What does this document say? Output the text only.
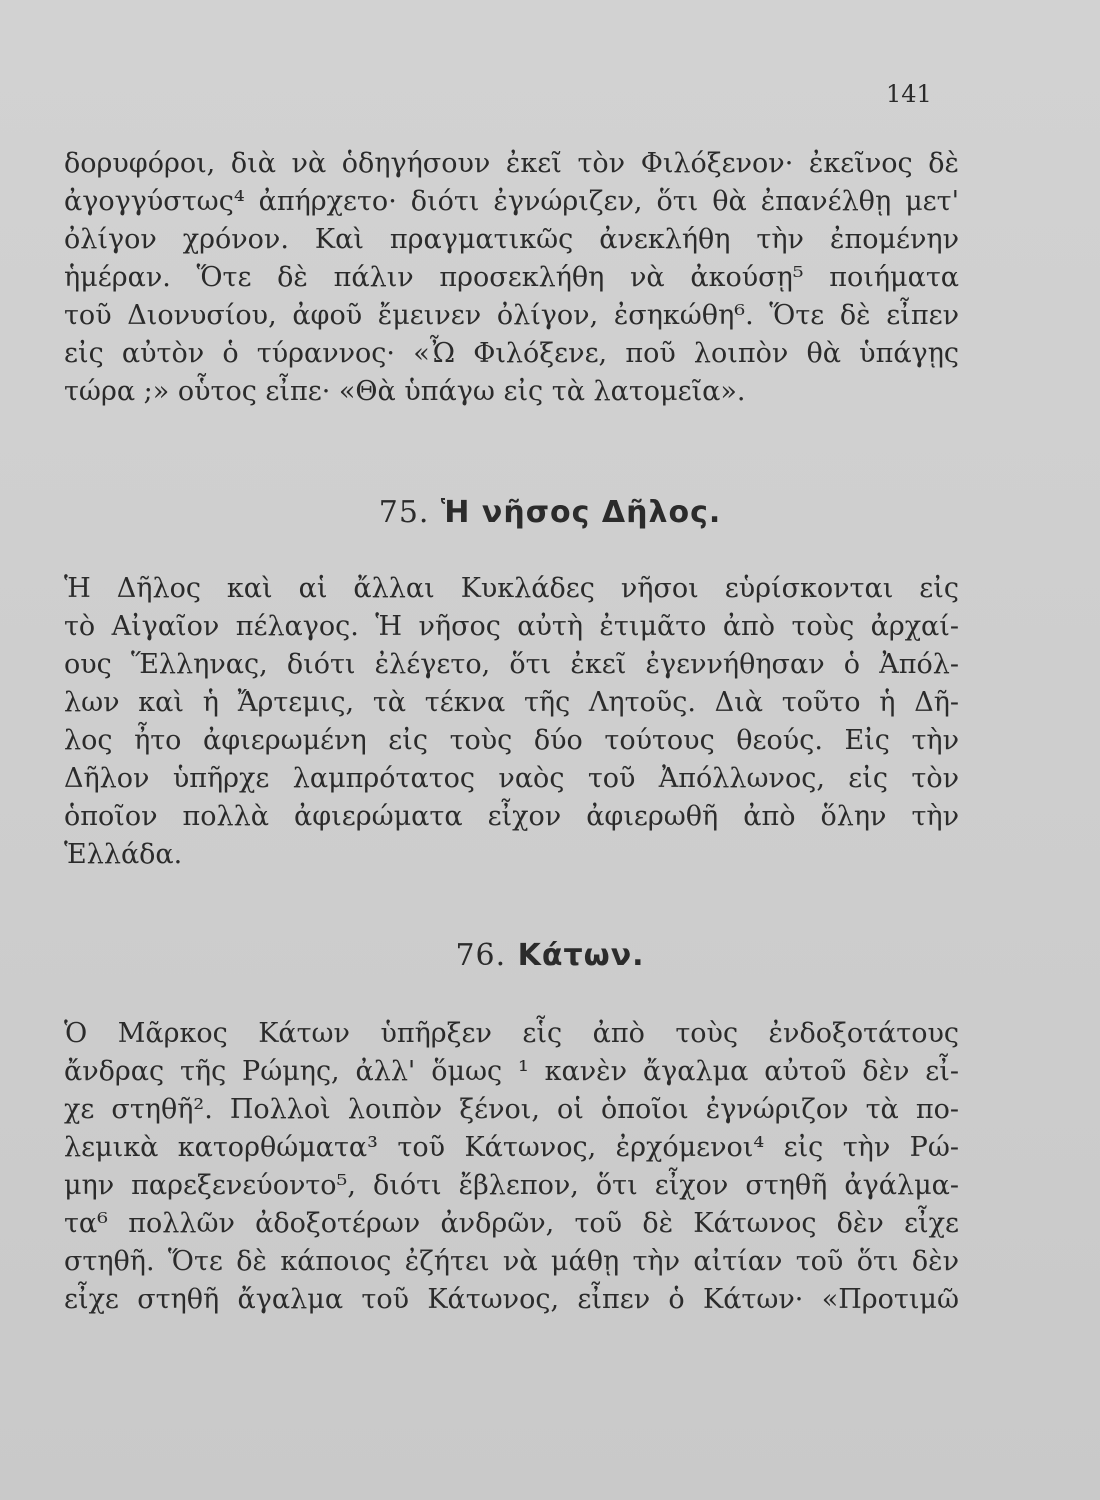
141
δορυφόροι, διὰ νὰ ὁδηγήσουν ἐκεῖ τὸν Φιλόξενον· ἐκεῖνος δὲ
ἀγογγύστως⁴ ἀπήρχετο· διότι ἐγνώριζεν, ὅτι θὰ ἐπανέλθῃ μετ'
ὀλίγον χρόνον. Καὶ πραγματικῶς ἀνεκλήθη τὴν ἐπομένην
ἡμέραν. Ὅτε δὲ πάλιν προσεκλήθη νὰ ἀκούσῃ⁵ ποιήματα
τοῦ Διονυσίου, ἀφοῦ ἔμεινεν ὀλίγον, ἐσηκώθη⁶. Ὅτε δὲ εἶπεν
εἰς αὐτὸν ὁ τύραννος· «Ὦ Φιλόξενε, ποῦ λοιπὸν θὰ ὑπάγῃς
τώρα ;» οὗτος εἶπε· «Θὰ ὑπάγω εἰς τὰ λατομεῖα».
75. Ἡ νῆσος Δῆλος.
Ἡ Δῆλος καὶ αἱ ἄλλαι Κυκλάδες νῆσοι εὑρίσκονται εἰς
τὸ Αἰγαῖον πέλαγος. Ἡ νῆσος αὐτὴ ἐτιμᾶτο ἀπὸ τοὺς ἀρχαί-
ους Ἕλληνας, διότι ἐλέγετο, ὅτι ἐκεῖ ἐγεννήθησαν ὁ Ἀπόλ-
λων καὶ ἡ Ἄρτεμις, τὰ τέκνα τῆς Λητοῦς. Διὰ τοῦτο ἡ Δῆ-
λος ἦτο ἀφιερωμένη εἰς τοὺς δύο τούτους θεούς. Εἰς τὴν
Δῆλον ὑπῆρχε λαμπρότατος ναὸς τοῦ Ἀπόλλωνος, εἰς τὸν
ὁποῖον πολλὰ ἀφιερώματα εἶχον ἀφιερωθῆ ἀπὸ ὅλην τὴν
Ἑλλάδα.
76. Κάτων.
Ὁ Μᾶρκος Κάτων ὑπῆρξεν εἷς ἀπὸ τοὺς ἐνδοξοτάτους
ἄνδρας τῆς Ρώμης, ἀλλ' ὅμως ¹ κανὲν ἄγαλμα αὐτοῦ δὲν εἶ-
χε στηθῆ². Πολλοὶ λοιπὸν ξένοι, οἱ ὁποῖοι ἐγνώριζον τὰ πο-
λεμικὰ κατορθώματα³ τοῦ Κάτωνος, ἐρχόμενοι⁴ εἰς τὴν Ρώ-
μην παρεξενεύοντο⁵, διότι ἔβλεπον, ὅτι εἶχον στηθῆ ἀγάλμα-
τα⁶ πολλῶν ἀδοξοτέρων ἀνδρῶν, τοῦ δὲ Κάτωνος δὲν εἶχε
στηθῆ. Ὅτε δὲ κάποιος ἐζήτει νὰ μάθῃ τὴν αἰτίαν τοῦ ὅτι δὲν
εἶχε στηθῆ ἄγαλμα τοῦ Κάτωνος, εἶπεν ὁ Κάτων· «Προτιμῶ
